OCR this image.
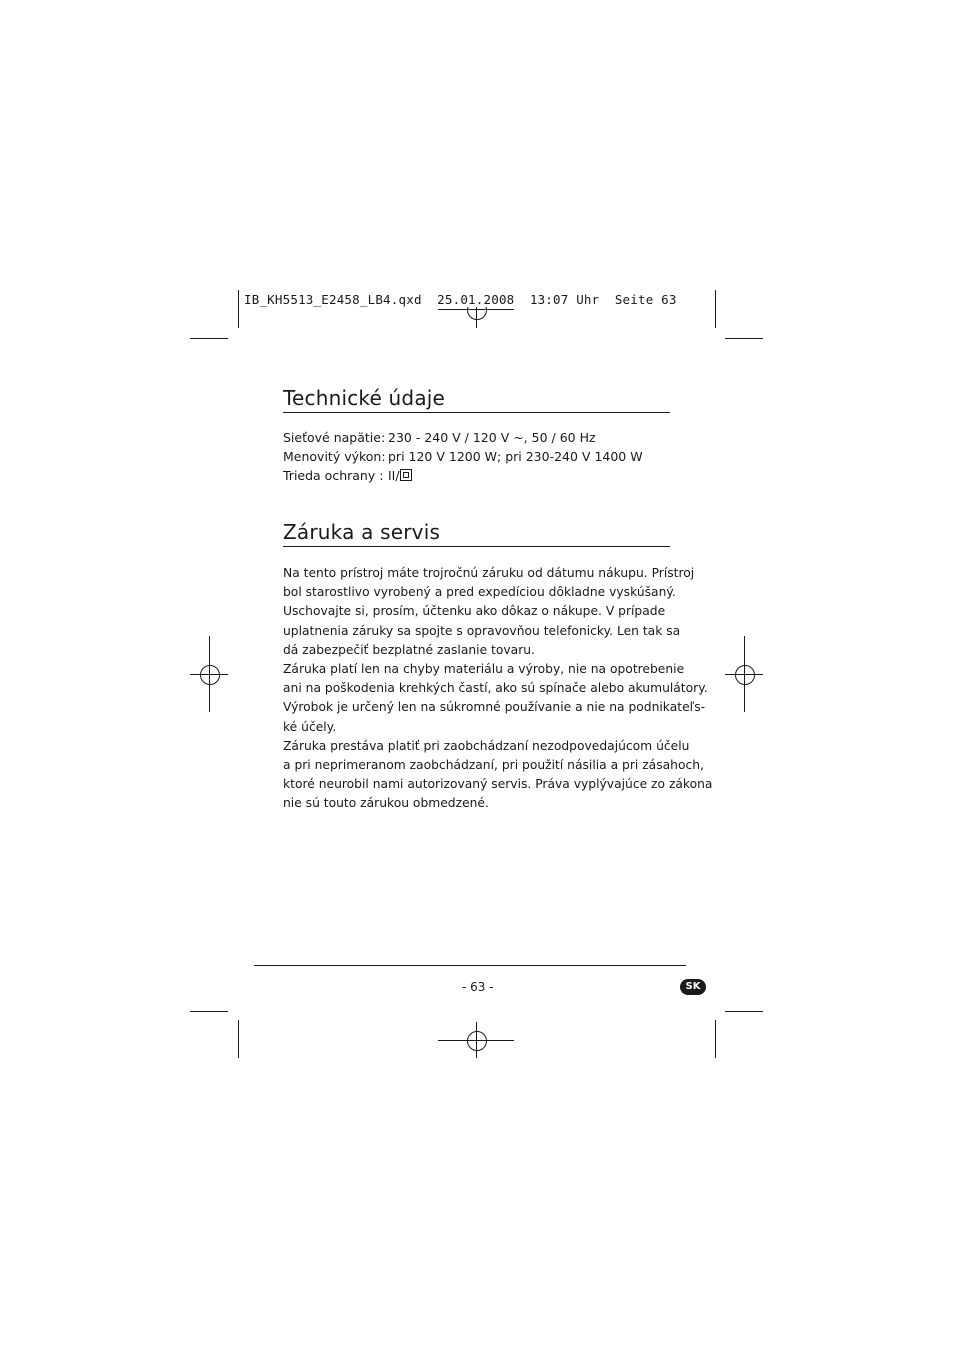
IB_KH5513_E2458_LB4.qxd  25.01.2008  13:07 Uhr  Seite 63
Technické údaje
Sieťové napätie: 230 - 240 V / 120 V ~, 50 / 60 Hz
Menovitý výkon: pri 120 V 1200 W; pri 230-240 V 1400 W
Trieda ochrany : II/
Záruka a servis
Na tento prístroj máte trojročnú záruku od dátumu nákupu. Prístroj
bol starostlivo vyrobený a pred expedíciou dôkladne vyskúšaný.
Uschovajte si, prosím, účtenku ako dôkaz o nákupe. V prípade
uplatnenia záruky sa spojte s opravovňou telefonicky. Len tak sa
dá zabezpečiť bezplatné zaslanie tovaru.
Záruka platí len na chyby materiálu a výroby, nie na opotrebenie
ani na poškodenia krehkých častí, ako sú spínače alebo akumulátory.
Výrobok je určený len na súkromné používanie a nie na podnikateľs-
ké účely.
Záruka prestáva platiť pri zaobchádzaní nezodpovedajúcom účelu
a pri neprimeranom zaobchádzaní, pri použití násilia a pri zásahoch,
ktoré neurobil nami autorizovaný servis. Práva vyplývajúce zo zákona
nie sú touto zárukou obmedzené.
- 63 -	SK
